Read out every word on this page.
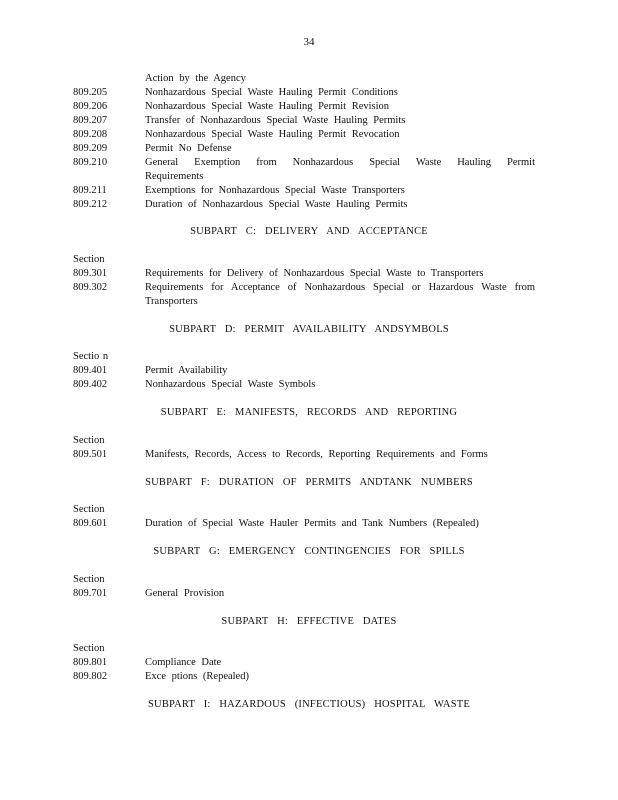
34
Action by the Agency
809.205	Nonhazardous Special Waste Hauling Permit Conditions
809.206	Nonhazardous Special Waste Hauling Permit Revision
809.207	Transfer of Nonhazardous Special Waste Hauling Permits
809.208	Nonhazardous Special Waste Hauling Permit Revocation
809.209	Permit No Defense
809.210	General Exemption from Nonhazardous Special Waste Hauling Permit
Requirements
809.211	Exemptions for Nonhazardous Special Waste Transporters
809.212	Duration of Nonhazardous Special Waste Hauling Permits
SUBPART C: DELIVERY AND ACCEPTANCE
Section
809.301	Requirements for Delivery of Nonhazardous Special Waste to Transporters
809.302	Requirements for Acceptance of Nonhazardous Special or Hazardous Waste from
Transporters
SUBPART D: PERMIT AVAILABILITY ANDSYMBOLS
Sectio n
809.401	Permit Availability
809.402	Nonhazardous Special Waste Symbols
SUBPART E: MANIFESTS, RECORDS AND REPORTING
Section
809.501	Manifests, Records, Access to Records, Reporting Requirements and Forms
SUBPART F: DURATION OF PERMITS ANDTANK NUMBERS
Section
809.601	Duration of Special Waste Hauler Permits and Tank Numbers (Repealed)
SUBPART G: EMERGENCY CONTINGENCIES FOR SPILLS
Section
809.701	General Provision
SUBPART H: EFFECTIVE DATES
Section
809.801	Compliance Date
809.802	Exce ptions (Repealed)
SUBPART I: HAZARDOUS (INFECTIOUS) HOSPITAL WASTE
